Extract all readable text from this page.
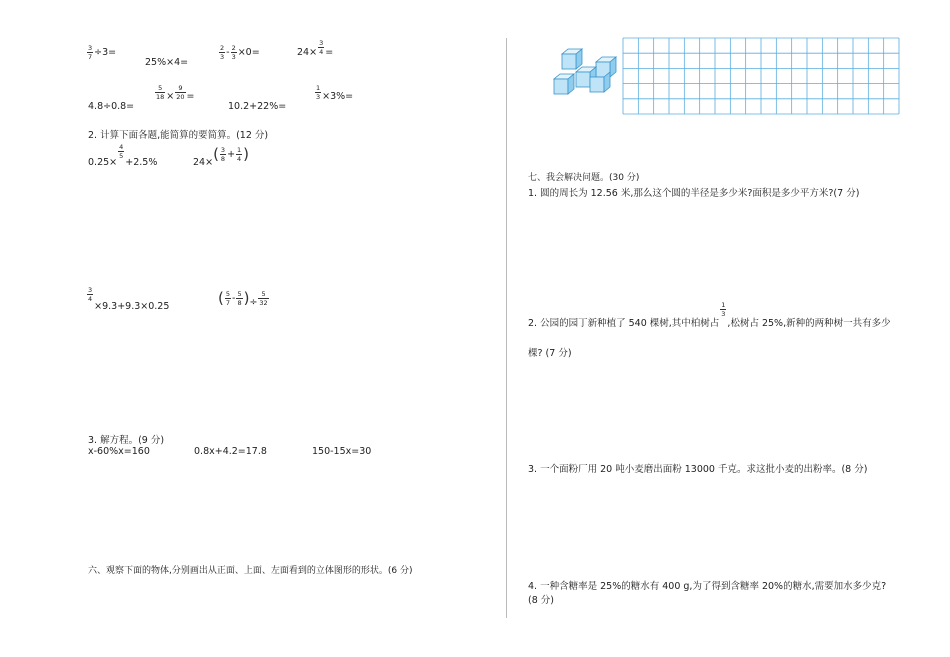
$\frac{3}{7} \div 3=$
25%×4=
$\frac{2}{3} - \frac{2}{3} \times 0=$	$24\times \frac{3}{4}$ =
4.8÷0.8=
$\frac{5}{18} \times \frac{9}{20}$ =
10.2+22%=
$\frac{1}{3} \times 3\%=$
2. 计算下面各题,能简算的要简算。(12 分)
0.25×
$\frac{4}{5}$
+2.5%	$24\times( \frac{3}{8} + \frac{1}{4}$ )
$\frac{3}{4}$
×9.3+9.3×0.25	( $\frac{5}{7} - \frac{5}{8}$ )÷ $\frac{5}{32}$
3. 解方程。(9 分)
x-60%x=160	0.8x+4.2=17.8	150-15x=30
六、观察下面的物体,分别画出从正面、上面、左面看到的立体图形的形状。(6 分)
七、我会解决问题。(30 分)
1. 圆的周长为 12.56 米,那么这个圆的半径是多少米?面积是多少平方米?(7 分)
2. 公园的园丁新种植了 540 棵树,其中柏树占
$\frac{1}{3}$
,松树占 25%,新种的两种树一共有多少
棵? (7 分)
3. 一个面粉厂用 20 吨小麦磨出面粉 13000 千克。求这批小麦的出粉率。(8 分)
4. 一种含糖率是 25%的糖水有 400 g,为了得到含糖率 20%的糖水,需要加水多少克?
(8 分)
